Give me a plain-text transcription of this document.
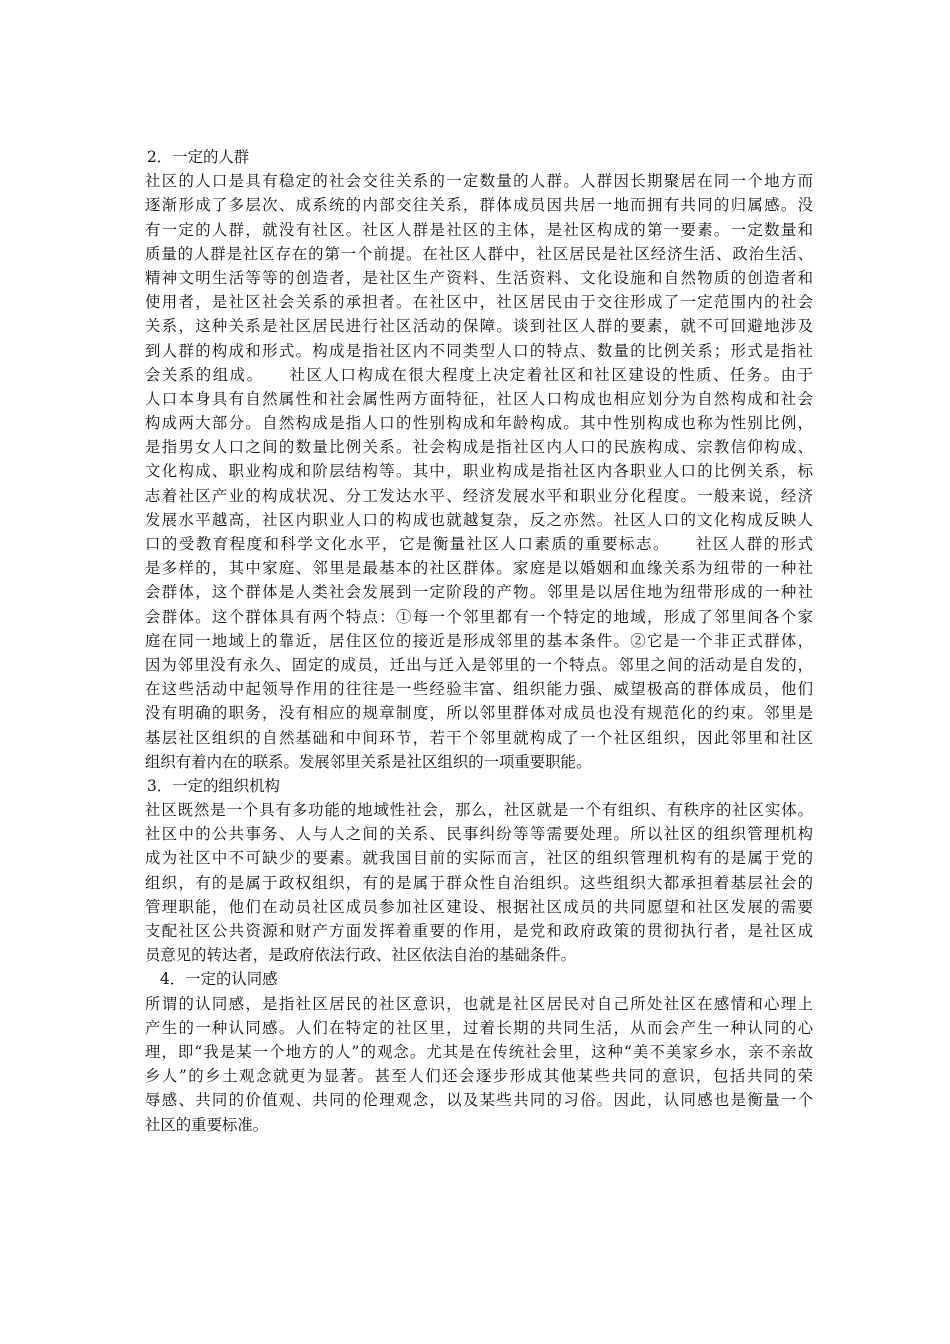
2．一定的人群
社区的人口是具有稳定的社会交往关系的一定数量的人群。人群因长期聚居在同一个地方而
逐渐形成了多层次、成系统的内部交往关系，群体成员因共居一地而拥有共同的归属感。没
有一定的人群，就没有社区。社区人群是社区的主体，是社区构成的第一要素。一定数量和
质量的人群是社区存在的第一个前提。在社区人群中，社区居民是社区经济生活、政治生活、
精神文明生活等等的创造者，是社区生产资料、生活资料、文化设施和自然物质的创造者和
使用者，是社区社会关系的承担者。在社区中，社区居民由于交往形成了一定范围内的社会
关系，这种关系是社区居民进行社区活动的保障。谈到社区人群的要素，就不可回避地涉及
到人群的构成和形式。构成是指社区内不同类型人口的特点、数量的比例关系；形式是指社
会关系的组成。　　社区人口构成在很大程度上决定着社区和社区建设的性质、任务。由于
人口本身具有自然属性和社会属性两方面特征，社区人口构成也相应划分为自然构成和社会
构成两大部分。自然构成是指人口的性别构成和年龄构成。其中性别构成也称为性别比例，
是指男女人口之间的数量比例关系。社会构成是指社区内人口的民族构成、宗教信仰构成、
文化构成、职业构成和阶层结构等。其中，职业构成是指社区内各职业人口的比例关系，标
志着社区产业的构成状况、分工发达水平、经济发展水平和职业分化程度。一般来说，经济
发展水平越高，社区内职业人口的构成也就越复杂，反之亦然。社区人口的文化构成反映人
口的受教育程度和科学文化水平，它是衡量社区人口素质的重要标志。　　社区人群的形式
是多样的，其中家庭、邻里是最基本的社区群体。家庭是以婚姻和血缘关系为纽带的一种社
会群体，这个群体是人类社会发展到一定阶段的产物。邻里是以居住地为纽带形成的一种社
会群体。这个群体具有两个特点：①每一个邻里都有一个特定的地域，形成了邻里间各个家
庭在同一地域上的靠近，居住区位的接近是形成邻里的基本条件。②它是一个非正式群体，
因为邻里没有永久、固定的成员，迁出与迁入是邻里的一个特点。邻里之间的活动是自发的，
在这些活动中起领导作用的往往是一些经验丰富、组织能力强、威望极高的群体成员，他们
没有明确的职务，没有相应的规章制度，所以邻里群体对成员也没有规范化的约束。邻里是
基层社区组织的自然基础和中间环节，若干个邻里就构成了一个社区组织，因此邻里和社区
组织有着内在的联系。发展邻里关系是社区组织的一项重要职能。
3．一定的组织机构
社区既然是一个具有多功能的地域性社会，那么，社区就是一个有组织、有秩序的社区实体。
社区中的公共事务、人与人之间的关系、民事纠纷等等需要处理。所以社区的组织管理机构
成为社区中不可缺少的要素。就我国目前的实际而言，社区的组织管理机构有的是属于党的
组织，有的是属于政权组织，有的是属于群众性自治组织。这些组织大都承担着基层社会的
管理职能，他们在动员社区成员参加社区建设、根据社区成员的共同愿望和社区发展的需要
支配社区公共资源和财产方面发挥着重要的作用，是党和政府政策的贯彻执行者，是社区成
员意见的转达者，是政府依法行政、社区依法自治的基础条件。
4．一定的认同感
所谓的认同感，是指社区居民的社区意识，也就是社区居民对自己所处社区在感情和心理上
产生的一种认同感。人们在特定的社区里，过着长期的共同生活，从而会产生一种认同的心
理，即“我是某一个地方的人”的观念。尤其是在传统社会里，这种“美不美家乡水，亲不亲故
乡人”的乡土观念就更为显著。甚至人们还会逐步形成其他某些共同的意识，包括共同的荣
辱感、共同的价值观、共同的伦理观念，以及某些共同的习俗。因此，认同感也是衡量一个
社区的重要标准。
